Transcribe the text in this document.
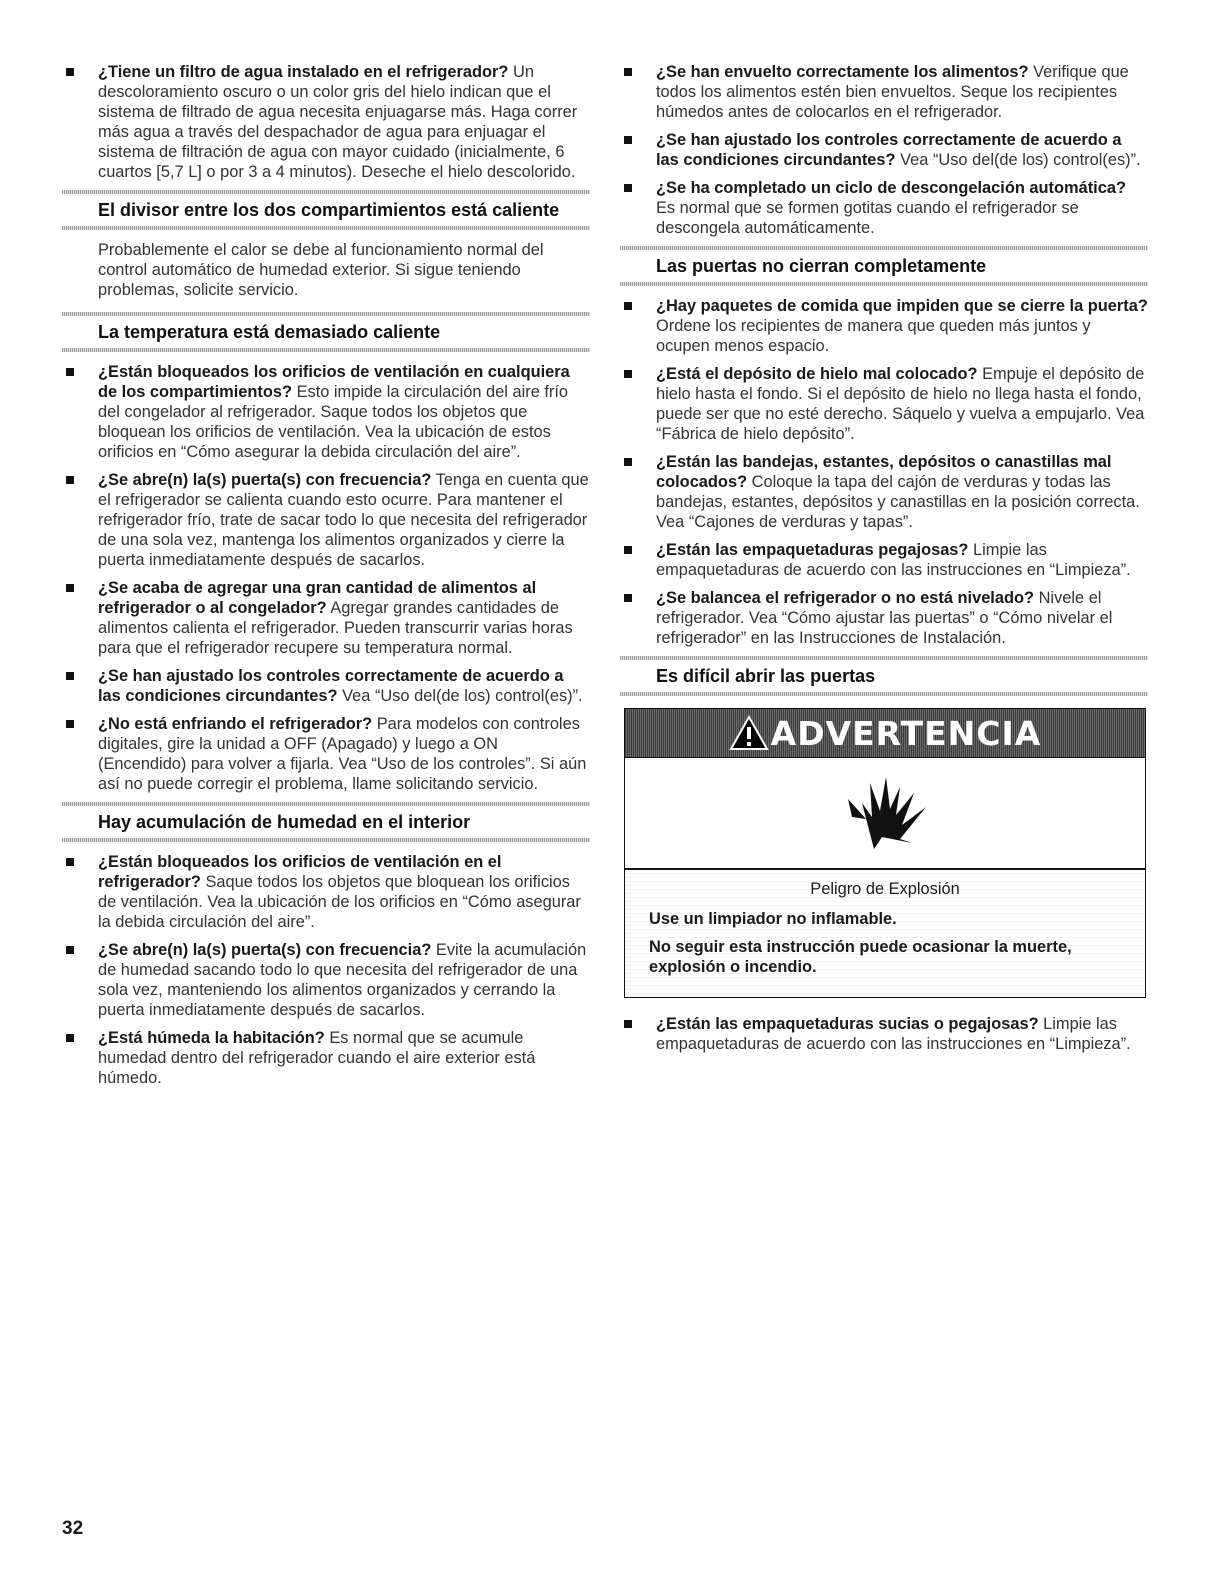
¿Tiene un filtro de agua instalado en el refrigerador? Un descoloramiento oscuro o un color gris del hielo indican que el sistema de filtrado de agua necesita enjuagarse más. Haga correr más agua a través del despachador de agua para enjuagar el sistema de filtración de agua con mayor cuidado (inicialmente, 6 cuartos [5,7 L] o por 3 a 4 minutos). Deseche el hielo descolorido.
El divisor entre los dos compartimientos está caliente
Probablemente el calor se debe al funcionamiento normal del control automático de humedad exterior. Si sigue teniendo problemas, solicite servicio.
La temperatura está demasiado caliente
¿Están bloqueados los orificios de ventilación en cualquiera de los compartimientos? Esto impide la circulación del aire frío del congelador al refrigerador. Saque todos los objetos que bloquean los orificios de ventilación. Vea la ubicación de estos orificios en “Cómo asegurar la debida circulación del aire”.
¿Se abre(n) la(s) puerta(s) con frecuencia? Tenga en cuenta que el refrigerador se calienta cuando esto ocurre. Para mantener el refrigerador frío, trate de sacar todo lo que necesita del refrigerador de una sola vez, mantenga los alimentos organizados y cierre la puerta inmediatamente después de sacarlos.
¿Se acaba de agregar una gran cantidad de alimentos al refrigerador o al congelador? Agregar grandes cantidades de alimentos calienta el refrigerador. Pueden transcurrir varias horas para que el refrigerador recupere su temperatura normal.
¿Se han ajustado los controles correctamente de acuerdo a las condiciones circundantes? Vea “Uso del(de los) control(es)”.
¿No está enfriando el refrigerador? Para modelos con controles digitales, gire la unidad a OFF (Apagado) y luego a ON (Encendido) para volver a fijarla. Vea “Uso de los controles”. Si aún así no puede corregir el problema, llame solicitando servicio.
Hay acumulación de humedad en el interior
¿Están bloqueados los orificios de ventilación en el refrigerador? Saque todos los objetos que bloquean los orificios de ventilación. Vea la ubicación de los orificios en “Cómo asegurar la debida circulación del aire”.
¿Se abre(n) la(s) puerta(s) con frecuencia? Evite la acumulación de humedad sacando todo lo que necesita del refrigerador de una sola vez, manteniendo los alimentos organizados y cerrando la puerta inmediatamente después de sacarlos.
¿Está húmeda la habitación? Es normal que se acumule humedad dentro del refrigerador cuando el aire exterior está húmedo.
¿Se han envuelto correctamente los alimentos? Verifique que todos los alimentos estén bien envueltos. Seque los recipientes húmedos antes de colocarlos en el refrigerador.
¿Se han ajustado los controles correctamente de acuerdo a las condiciones circundantes? Vea “Uso del(de los) control(es)”.
¿Se ha completado un ciclo de descongelación automática? Es normal que se formen gotitas cuando el refrigerador se descongela automáticamente.
Las puertas no cierran completamente
¿Hay paquetes de comida que impiden que se cierre la puerta? Ordene los recipientes de manera que queden más juntos y ocupen menos espacio.
¿Está el depósito de hielo mal colocado? Empuje el depósito de hielo hasta el fondo. Si el depósito de hielo no llega hasta el fondo, puede ser que no esté derecho. Sáquelo y vuelva a empujarlo. Vea “Fábrica de hielo depósito”.
¿Están las bandejas, estantes, depósitos o canastillas mal colocados? Coloque la tapa del cajón de verduras y todas las bandejas, estantes, depósitos y canastillas en la posición correcta. Vea “Cajones de verduras y tapas”.
¿Están las empaquetaduras pegajosas? Limpie las empaquetaduras de acuerdo con las instrucciones en “Limpieza”.
¿Se balancea el refrigerador o no está nivelado? Nivele el refrigerador. Vea “Cómo ajustar las puertas” o “Cómo nivelar el refrigerador” en las Instrucciones de Instalación.
Es difícil abrir las puertas
ADVERTENCIA
Peligro de Explosión
Use un limpiador no inflamable.
No seguir esta instrucción puede ocasionar la muerte, explosión o incendio.
¿Están las empaquetaduras sucias o pegajosas? Limpie las empaquetaduras de acuerdo con las instrucciones en “Limpieza”.
32
